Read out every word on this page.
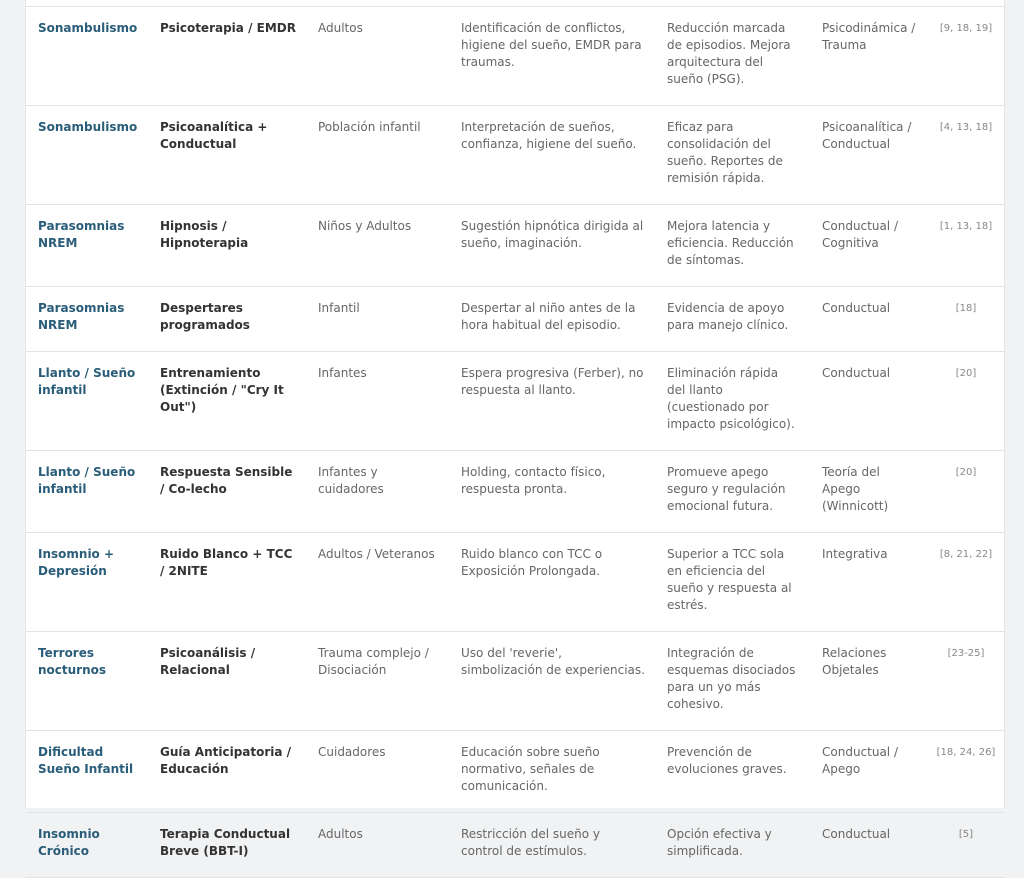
Sonambulismo	Psicoterapia / EMDR	Adultos	Identificación de conflictos, higiene del sueño, EMDR para traumas.	Reducción marcada de episodios. Mejora arquitectura del sueño (PSG).	Psicodinámica / Trauma	[9, 18, 19]
Sonambulismo	Psicoanalítica + Conductual	Población infantil	Interpretación de sueños, confianza, higiene del sueño.	Eficaz para consolidación del sueño. Reportes de remisión rápida.	Psicoanalítica / Conductual	[4, 13, 18]
Parasomnias NREM	Hipnosis / Hipnoterapia	Niños y Adultos	Sugestión hipnótica dirigida al sueño, imaginación.	Mejora latencia y eficiencia. Reducción de síntomas.	Conductual / Cognitiva	[1, 13, 18]
Parasomnias NREM	Despertares programados	Infantil	Despertar al niño antes de la hora habitual del episodio.	Evidencia de apoyo para manejo clínico.	Conductual	[18]
Llanto / Sueño infantil	Entrenamiento (Extinción / "Cry It Out")	Infantes	Espera progresiva (Ferber), no respuesta al llanto.	Eliminación rápida del llanto (cuestionado por impacto psicológico).	Conductual	[20]
Llanto / Sueño infantil	Respuesta Sensible / Co-lecho	Infantes y cuidadores	Holding, contacto físico, respuesta pronta.	Promueve apego seguro y regulación emocional futura.	Teoría del Apego (Winnicott)	[20]
Insomnio + Depresión	Ruido Blanco + TCC / 2NITE	Adultos / Veteranos	Ruido blanco con TCC o Exposición Prolongada.	Superior a TCC sola en eficiencia del sueño y respuesta al estrés.	Integrativa	[8, 21, 22]
Terrores nocturnos	Psicoanálisis / Relacional	Trauma complejo / Disociación	Uso del 'reverie', simbolización de experiencias.	Integración de esquemas disociados para un yo más cohesivo.	Relaciones Objetales	[23-25]
Dificultad Sueño Infantil	Guía Anticipatoria / Educación	Cuidadores	Educación sobre sueño normativo, señales de comunicación.	Prevención de evoluciones graves.	Conductual / Apego	[18, 24, 26]
Insomnio Crónico	Terapia Conductual Breve (BBT-I)	Adultos	Restricción del sueño y control de estímulos.	Opción efectiva y simplificada.	Conductual	[5]
